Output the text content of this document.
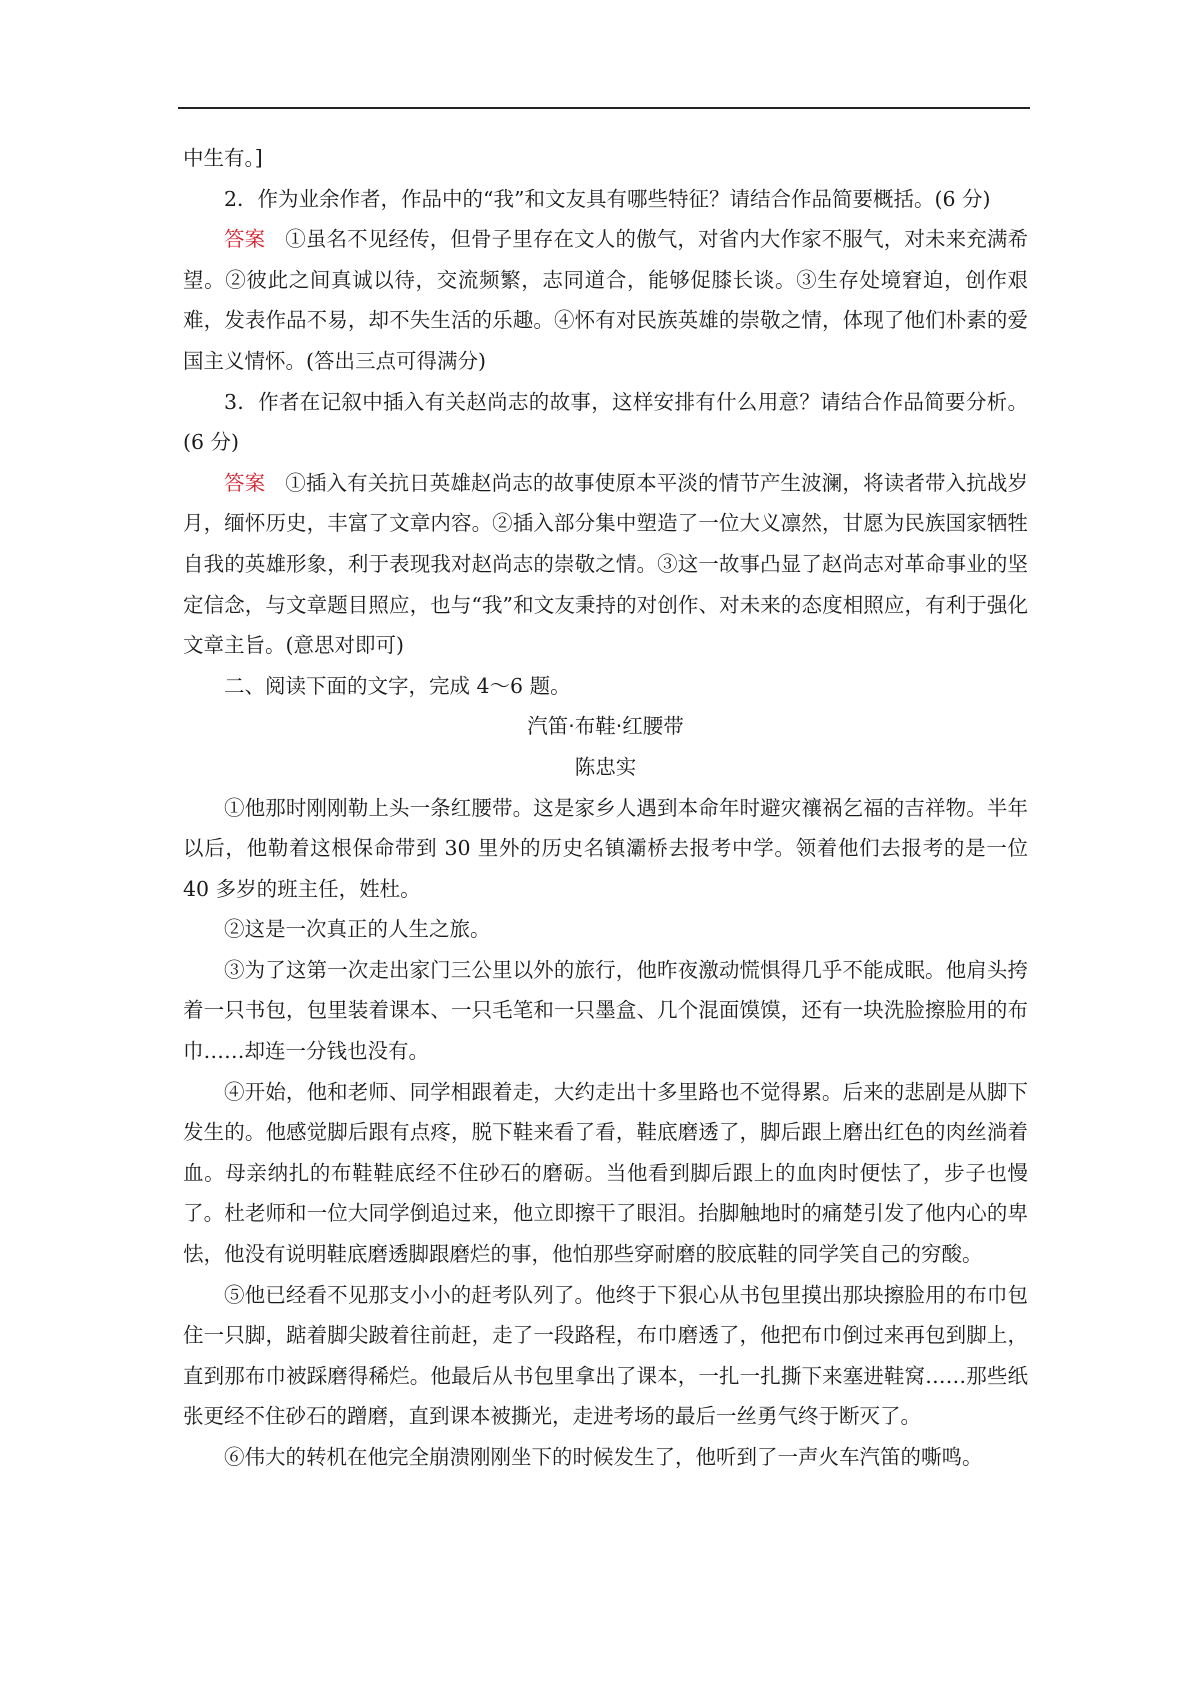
中生有。]

2．作为业余作者，作品中的“我”和文友具有哪些特征？请结合作品简要概括。(6 分)

答案 ①虽名不见经传，但骨子里存在文人的傲气，对省内大作家不服气，对未来充满希望。②彼此之间真诚以待，交流频繁，志同道合，能够促膝长谈。③生存处境窘迫，创作艰难，发表作品不易，却不失生活的乐趣。④怀有对民族英雄的崇敬之情，体现了他们朴素的爱国主义情怀。(答出三点可得满分)

3．作者在记叙中插入有关赵尚志的故事，这样安排有什么用意？请结合作品简要分析。(6 分)

答案 ①插入有关抗日英雄赵尚志的故事使原本平淡的情节产生波澜，将读者带入抗战岁月，缅怀历史，丰富了文章内容。②插入部分集中塑造了一位大义凛然，甘愿为民族国家牺牲自我的英雄形象，利于表现我对赵尚志的崇敬之情。③这一故事凸显了赵尚志对革命事业的坚定信念，与文章题目照应，也与“我”和文友秉持的对创作、对未来的态度相照应，有利于强化文章主旨。(意思对即可)

二、阅读下面的文字，完成 4～6 题。

汽笛·布鞋·红腰带

陈忠实

①他那时刚刚勒上头一条红腰带。这是家乡人遇到本命年时避灾禳祸乞福的吉祥物。半年以后，他勒着这根保命带到 30 里外的历史名镇灞桥去报考中学。领着他们去报考的是一位 40 多岁的班主任，姓杜。

②这是一次真正的人生之旅。

③为了这第一次走出家门三公里以外的旅行，他昨夜激动慌惧得几乎不能成眠。他肩头挎着一只书包，包里装着课本、一只毛笔和一只墨盒、几个混面馍馍，还有一块洗脸擦脸用的布巾……却连一分钱也没有。

④开始，他和老师、同学相跟着走，大约走出十多里路也不觉得累。后来的悲剧是从脚下发生的。他感觉脚后跟有点疼，脱下鞋来看了看，鞋底磨透了，脚后跟上磨出红色的肉丝淌着血。母亲纳扎的布鞋鞋底经不住砂石的磨砺。当他看到脚后跟上的血肉时便怯了，步子也慢了。杜老师和一位大同学倒追过来，他立即擦干了眼泪。抬脚触地时的痛楚引发了他内心的卑怯，他没有说明鞋底磨透脚跟磨烂的事，他怕那些穿耐磨的胶底鞋的同学笑自己的穷酸。

⑤他已经看不见那支小小的赶考队列了。他终于下狠心从书包里摸出那块擦脸用的布巾包住一只脚，踮着脚尖跛着往前赶，走了一段路程，布巾磨透了，他把布巾倒过来再包到脚上，直到那布巾被踩磨得稀烂。他最后从书包里拿出了课本，一扎一扎撕下来塞进鞋窝……那些纸张更经不住砂石的蹭磨，直到课本被撕光，走进考场的最后一丝勇气终于断灭了。

⑥伟大的转机在他完全崩溃刚刚坐下的时候发生了，他听到了一声火车汽笛的嘶鸣。
